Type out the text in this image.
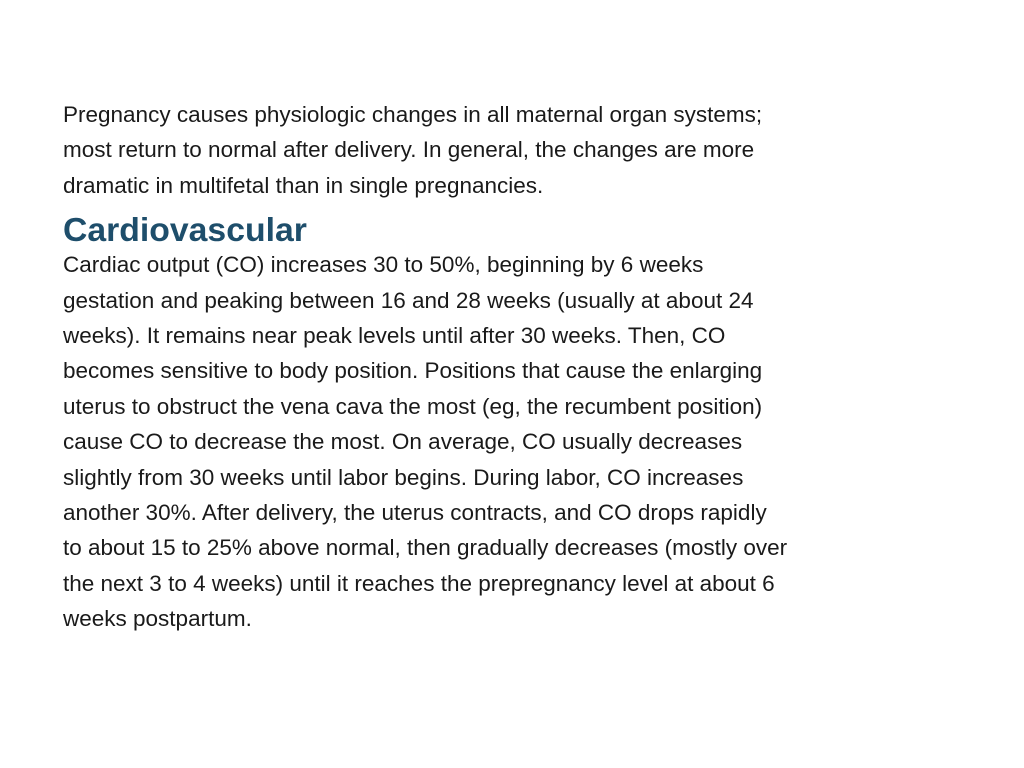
Pregnancy causes physiologic changes in all maternal organ systems;
most return to normal after delivery. In general, the changes are more
dramatic in multifetal than in single pregnancies.

Cardiovascular

Cardiac output (CO) increases 30 to 50%, beginning by 6 weeks
gestation and peaking between 16 and 28 weeks (usually at about 24
weeks). It remains near peak levels until after 30 weeks. Then, CO
becomes sensitive to body position. Positions that cause the enlarging
uterus to obstruct the vena cava the most (eg, the recumbent position)
cause CO to decrease the most. On average, CO usually decreases
slightly from 30 weeks until labor begins. During labor, CO increases
another 30%. After delivery, the uterus contracts, and CO drops rapidly
to about 15 to 25% above normal, then gradually decreases (mostly over
the next 3 to 4 weeks) until it reaches the prepregnancy level at about 6
weeks postpartum.
